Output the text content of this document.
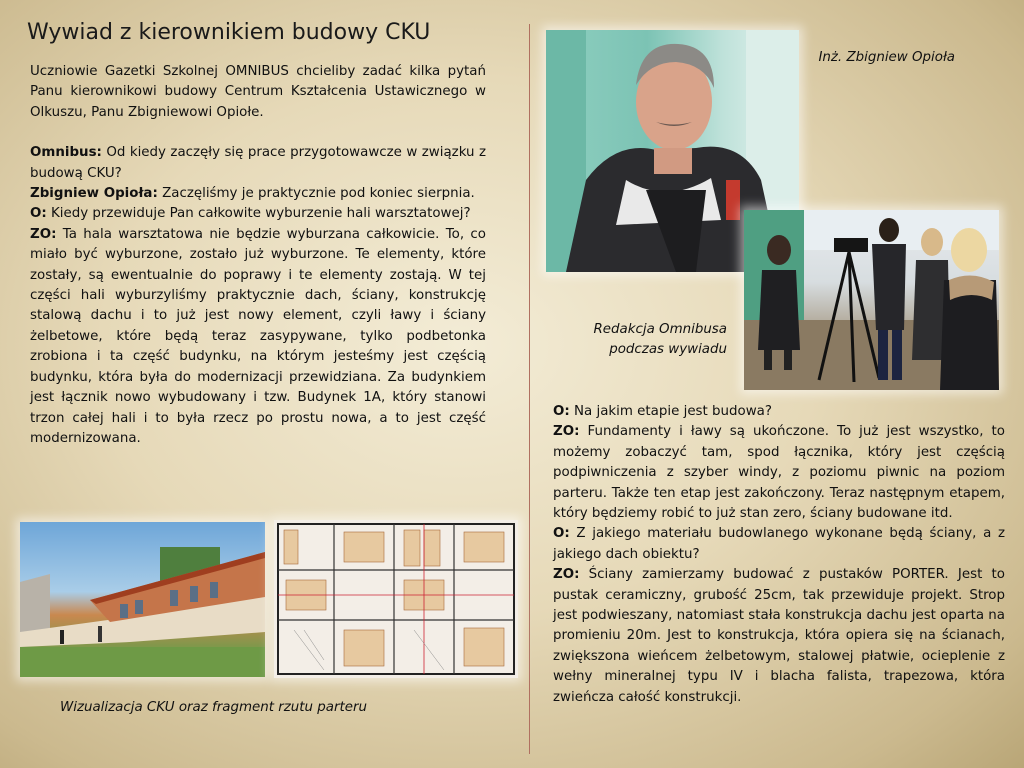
Wywiad z kierownikiem budowy CKU

Uczniowie Gazetki Szkolnej OMNIBUS chcieliby zadać kilka pytań Panu kierownikowi budowy Centrum Kształcenia Ustawicznego w Olkuszu, Panu Zbigniewowi Opiołe.

Omnibus: Od kiedy zaczęły się prace przygotowawcze w związku z budową CKU?

Zbigniew Opioła: Zaczęliśmy je praktycznie pod koniec sierpnia.

O: Kiedy przewiduje Pan całkowite wyburzenie hali warsztatowej?

ZO: Ta hala warsztatowa nie będzie wyburzana całkowicie. To, co miało być wyburzone, zostało już wyburzone. Te elementy, które zostały, są ewentualnie do poprawy i te elementy zostają. W tej części hali wyburzyliśmy praktycznie dach, ściany, konstrukcję stalową dachu i to już jest nowy element, czyli ławy i ściany żelbetowe, które będą teraz zasypywane, tylko podbetonka zrobiona i ta część budynku, na którym jesteśmy jest częścią budynku, która była do modernizacji przewidziana. Za budynkiem jest łącznik nowo wybudowany i tzw. Budynek 1A, który stanowi trzon całej hali i to była rzecz po prostu nowa, a to jest część modernizowana.

O: Na jakim etapie jest budowa?

ZO: Fundamenty i ławy są ukończone. To już jest wszystko, to możemy zobaczyć tam, spod łącznika, który jest częścią podpiwniczenia z szyber windy, z poziomu piwnic na poziom parteru. Także ten etap jest zakończony. Teraz następnym etapem, który będziemy robić to już stan zero, ściany budowane itd.

O: Z jakiego materiału budowlanego wykonane będą ściany, a z jakiego dach obiektu?

ZO: Ściany zamierzamy budować z pustaków PORTER. Jest to pustak ceramiczny, grubość 25cm, tak przewiduje projekt. Strop jest podwieszany, natomiast stała konstrukcja dachu jest oparta na promieniu 20m. Jest to konstrukcja, która opiera się na ścianach, zwiększona wieńcem żelbetowym, stalowej płatwie, ocieplenie z wełny mineralnej typu IV i blacha falista, trapezowa, która zwieńcza całość konstrukcji.

Inż. Zbigniew Opioła
Redakcja Omnibusa
podczas wywiadu
Wizualizacja CKU oraz fragment rzutu parteru
